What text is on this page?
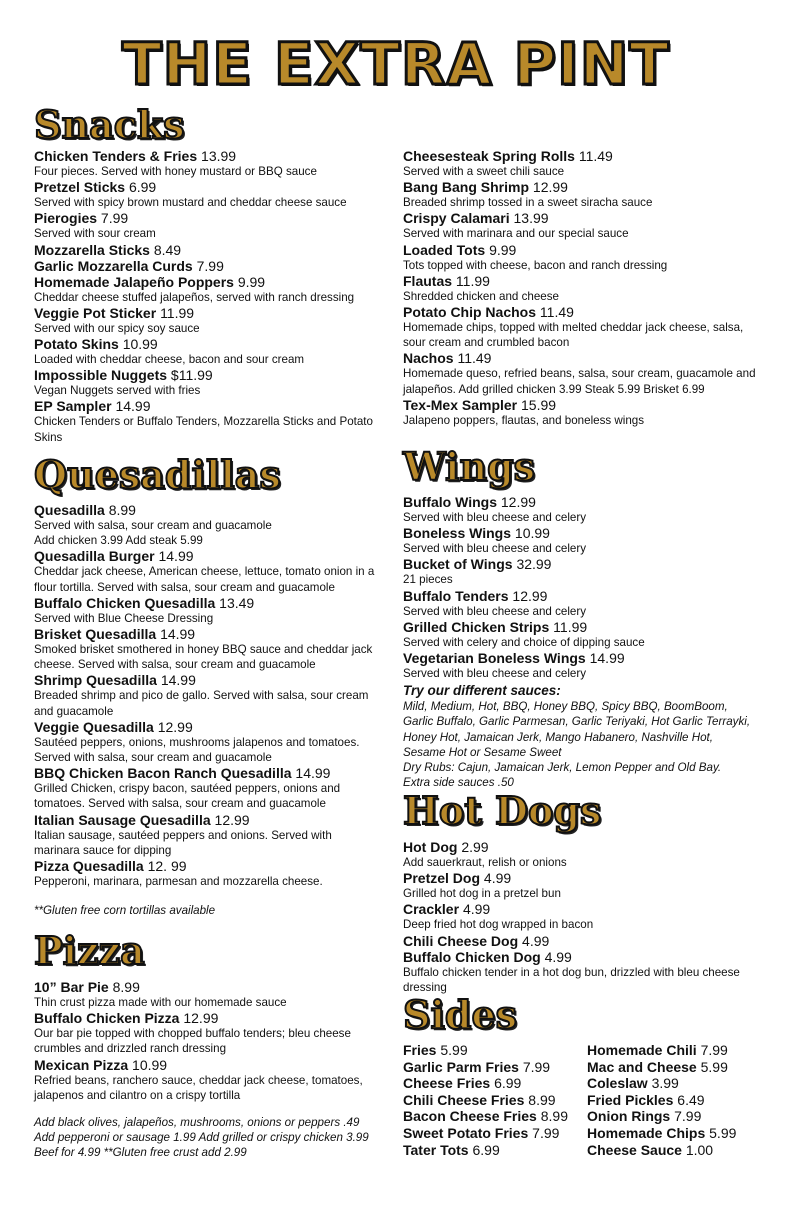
THE EXTRA PINT
Snacks
Chicken Tenders & Fries 13.99
Four pieces. Served with honey mustard or BBQ sauce
Pretzel Sticks 6.99
Served with spicy brown mustard and cheddar cheese sauce
Pierogies 7.99
Served with sour cream
Mozzarella Sticks 8.49
Garlic Mozzarella Curds 7.99
Homemade Jalapeño Poppers 9.99
Cheddar cheese stuffed jalapeños, served with ranch dressing
Veggie Pot Sticker 11.99
Served with our spicy soy sauce
Potato Skins 10.99
Loaded with cheddar cheese, bacon and sour cream
Impossible Nuggets $11.99
Vegan Nuggets served with fries
EP Sampler 14.99
Chicken Tenders or Buffalo Tenders, Mozzarella Sticks and Potato Skins
Cheesesteak Spring Rolls 11.49
Served with a sweet chili sauce
Bang Bang Shrimp 12.99
Breaded shrimp tossed in a sweet siracha sauce
Crispy Calamari 13.99
Served with marinara and our special sauce
Loaded Tots 9.99
Tots topped with cheese, bacon and ranch dressing
Flautas 11.99
Shredded chicken and cheese
Potato Chip Nachos 11.49
Homemade chips, topped with melted cheddar jack cheese, salsa, sour cream and crumbled bacon
Nachos 11.49
Homemade queso, refried beans, salsa, sour cream, guacamole and jalapeños. Add grilled chicken 3.99 Steak 5.99 Brisket 6.99
Tex-Mex Sampler 15.99
Jalapeno poppers, flautas, and boneless wings
Quesadillas
Quesadilla 8.99
Served with salsa, sour cream and guacamole
Add chicken 3.99 Add steak 5.99
Quesadilla Burger 14.99
Cheddar jack cheese, American cheese, lettuce, tomato onion in a flour tortilla. Served with salsa, sour cream and guacamole
Buffalo Chicken Quesadilla 13.49
Served with Blue Cheese Dressing
Brisket Quesadilla 14.99
Smoked brisket smothered in honey BBQ sauce and cheddar jack cheese. Served with salsa, sour cream and guacamole
Shrimp Quesadilla 14.99
Breaded shrimp and pico de gallo. Served with salsa, sour cream and guacamole
Veggie Quesadilla 12.99
Sautéed peppers, onions, mushrooms jalapenos and tomatoes. Served with salsa, sour cream and guacamole
BBQ Chicken Bacon Ranch Quesadilla 14.99
Grilled Chicken, crispy bacon, sautéed peppers, onions and tomatoes. Served with salsa, sour cream and guacamole
Italian Sausage Quesadilla 12.99
Italian sausage, sautéed peppers and onions. Served with marinara sauce for dipping
Pizza Quesadilla 12. 99
Pepperoni, marinara, parmesan and mozzarella cheese.
**Gluten free corn tortillas available
Pizza
10” Bar Pie 8.99
Thin crust pizza made with our homemade sauce
Buffalo Chicken Pizza 12.99
Our bar pie topped with chopped buffalo tenders; bleu cheese crumbles and drizzled ranch dressing
Mexican Pizza 10.99
Refried beans, ranchero sauce, cheddar jack cheese, tomatoes, jalapenos and cilantro on a crispy tortilla
Add black olives, jalapeños, mushrooms, onions or peppers .49 Add pepperoni or sausage 1.99 Add grilled or crispy chicken 3.99 Beef for 4.99 **Gluten free crust add 2.99
Wings
Buffalo Wings 12.99
Served with bleu cheese and celery
Boneless Wings 10.99
Served with bleu cheese and celery
Bucket of Wings 32.99
21 pieces
Buffalo Tenders 12.99
Served with bleu cheese and celery
Grilled Chicken Strips 11.99
Served with celery and choice of dipping sauce
Vegetarian Boneless Wings 14.99
Served with bleu cheese and celery
Try our different sauces:
Mild, Medium, Hot, BBQ, Honey BBQ, Spicy BBQ, BoomBoom, Garlic Buffalo, Garlic Parmesan, Garlic Teriyaki, Hot Garlic Terrayki, Honey Hot, Jamaican Jerk, Mango Habanero, Nashville Hot, Sesame Hot or Sesame Sweet
Dry Rubs: Cajun, Jamaican Jerk, Lemon Pepper and Old Bay.
Extra side sauces .50
Hot Dogs
Hot Dog 2.99
Add sauerkraut, relish or onions
Pretzel Dog 4.99
Grilled hot dog in a pretzel bun
Crackler 4.99
Deep fried hot dog wrapped in bacon
Chili Cheese Dog 4.99
Buffalo Chicken Dog 4.99
Buffalo chicken tender in a hot dog bun, drizzled with bleu cheese dressing
Sides
Fries 5.99
Garlic Parm Fries 7.99
Cheese Fries 6.99
Chili Cheese Fries 8.99
Bacon Cheese Fries 8.99
Sweet Potato Fries 7.99
Tater Tots 6.99
Homemade Chili 7.99
Mac and Cheese 5.99
Coleslaw 3.99
Fried Pickles 6.49
Onion Rings 7.99
Homemade Chips 5.99
Cheese Sauce 1.00
